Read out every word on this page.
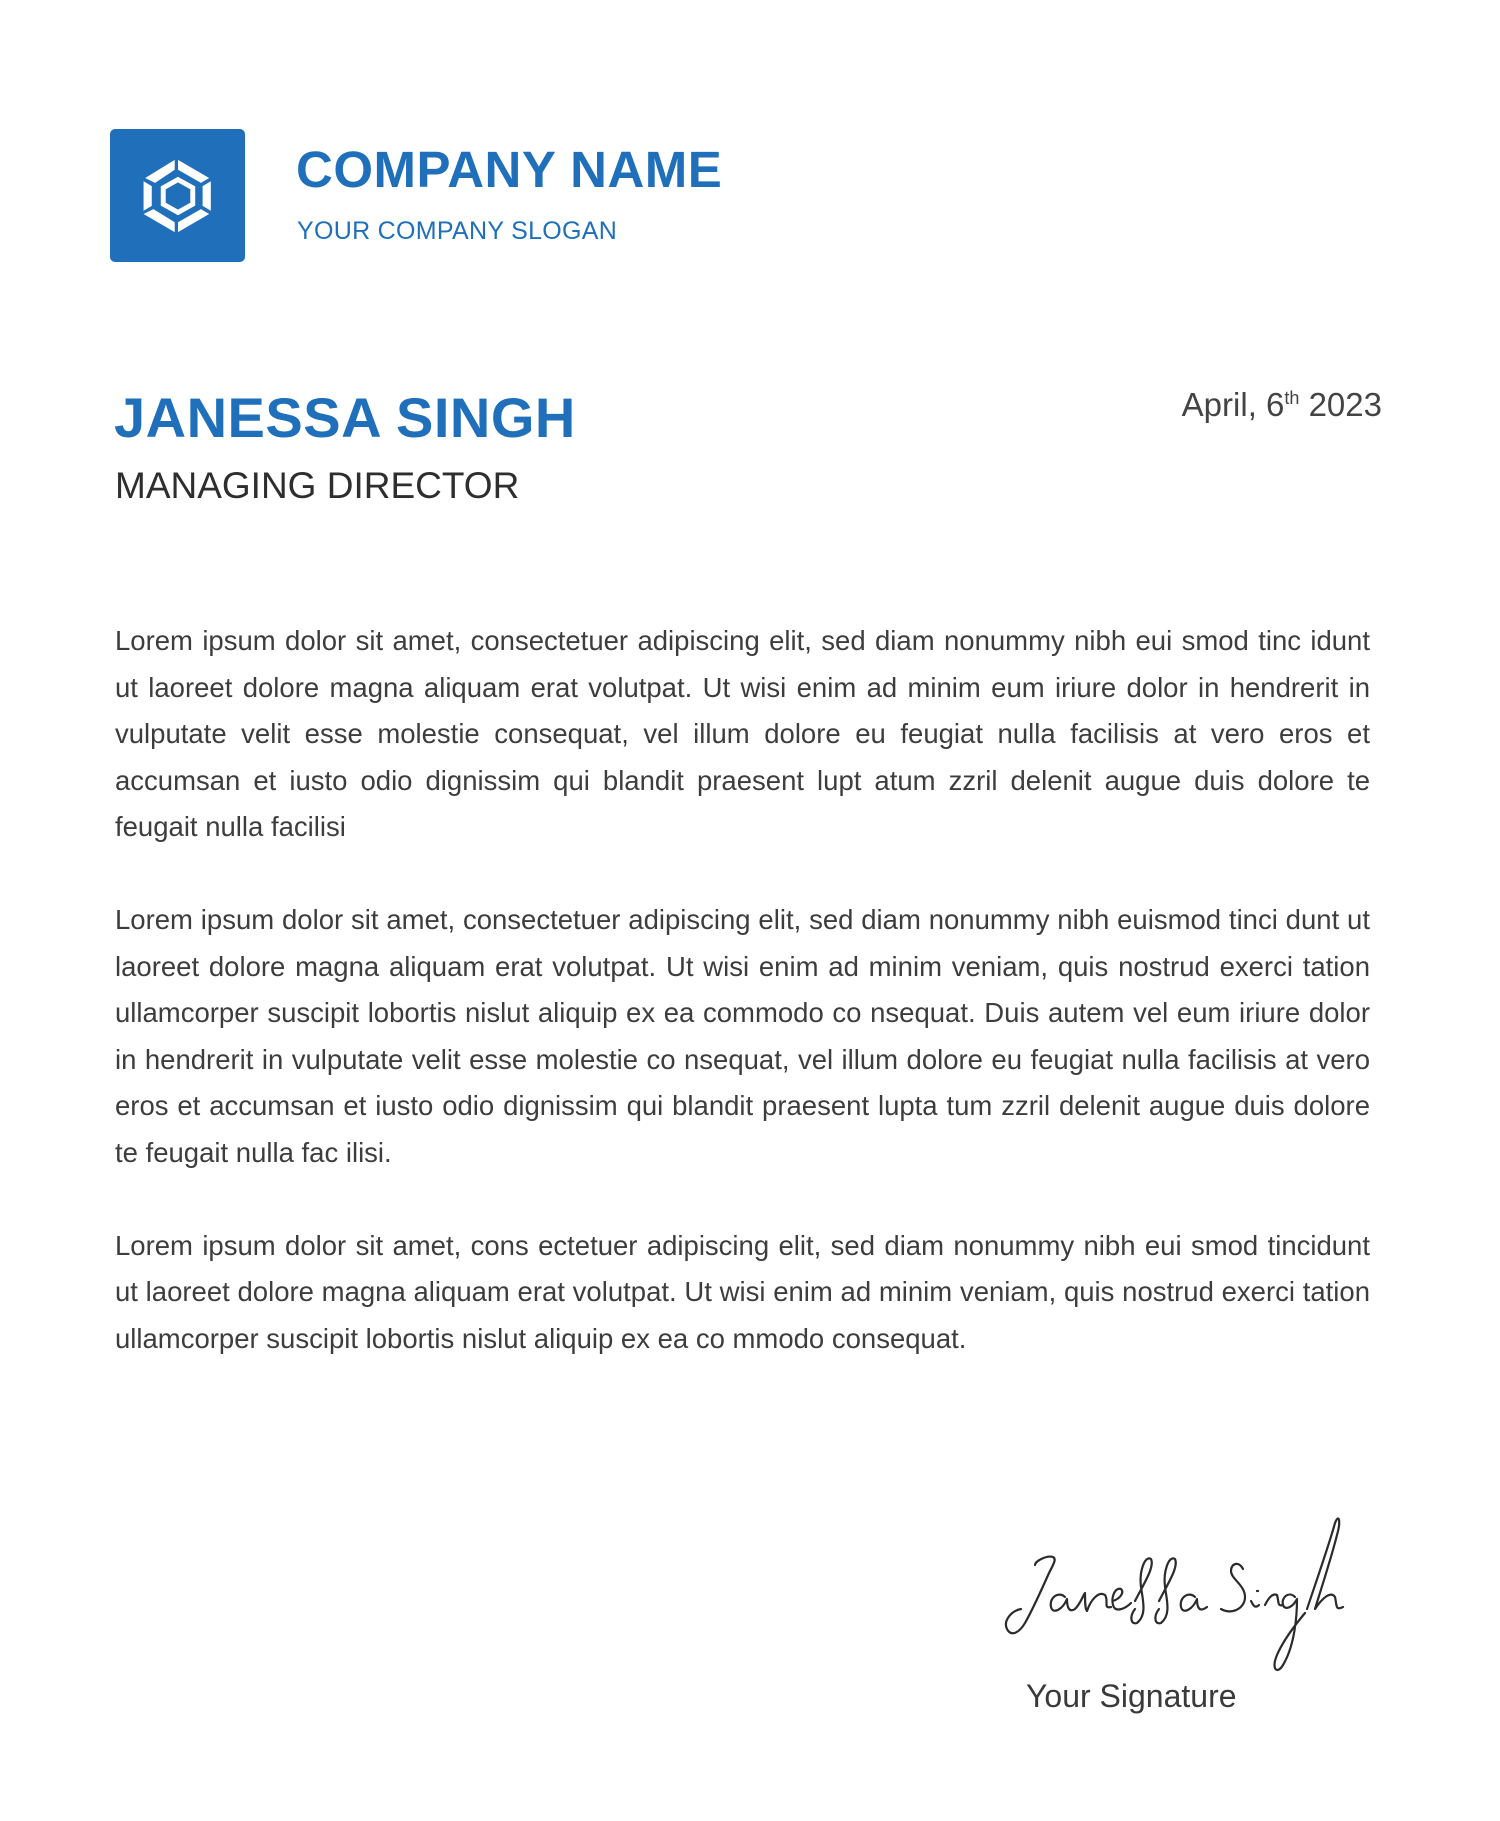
COMPANY NAME
YOUR COMPANY SLOGAN
JANESSA SINGH
MANAGING DIRECTOR
April, 6th 2023

Lorem ipsum dolor sit amet, consectetuer adipiscing elit, sed diam nonummy nibh eui smod tinc idunt ut laoreet dolore magna aliquam erat volutpat. Ut wisi enim ad minim eum iriure dolor in hendrerit in vulputate velit esse molestie consequat, vel illum dolore eu feugiat nulla facilisis at vero eros et accumsan et iusto odio dignissim qui blandit praesent lupt atum zzril delenit augue duis dolore te feugait nulla facilisi

Lorem ipsum dolor sit amet, consectetuer adipiscing elit, sed diam nonummy nibh euismod tinci dunt ut laoreet dolore magna aliquam erat volutpat. Ut wisi enim ad minim veniam, quis nostrud exerci tation ullamcorper suscipit lobortis nislut aliquip ex ea commodo co nsequat. Duis autem vel eum iriure dolor in hendrerit in vulputate velit esse molestie co nsequat, vel illum dolore eu feugiat nulla facilisis at vero eros et accumsan et iusto odio dignissim qui blandit praesent lupta tum zzril delenit augue duis dolore te feugait nulla fac ilisi.

Lorem ipsum dolor sit amet, cons ectetuer adipiscing elit, sed diam nonummy nibh eui smod tincidunt ut laoreet dolore magna aliquam erat volutpat. Ut wisi enim ad minim veniam, quis nostrud exerci tation ullamcorper suscipit lobortis nislut aliquip ex ea co mmodo consequat.

Your Signature
